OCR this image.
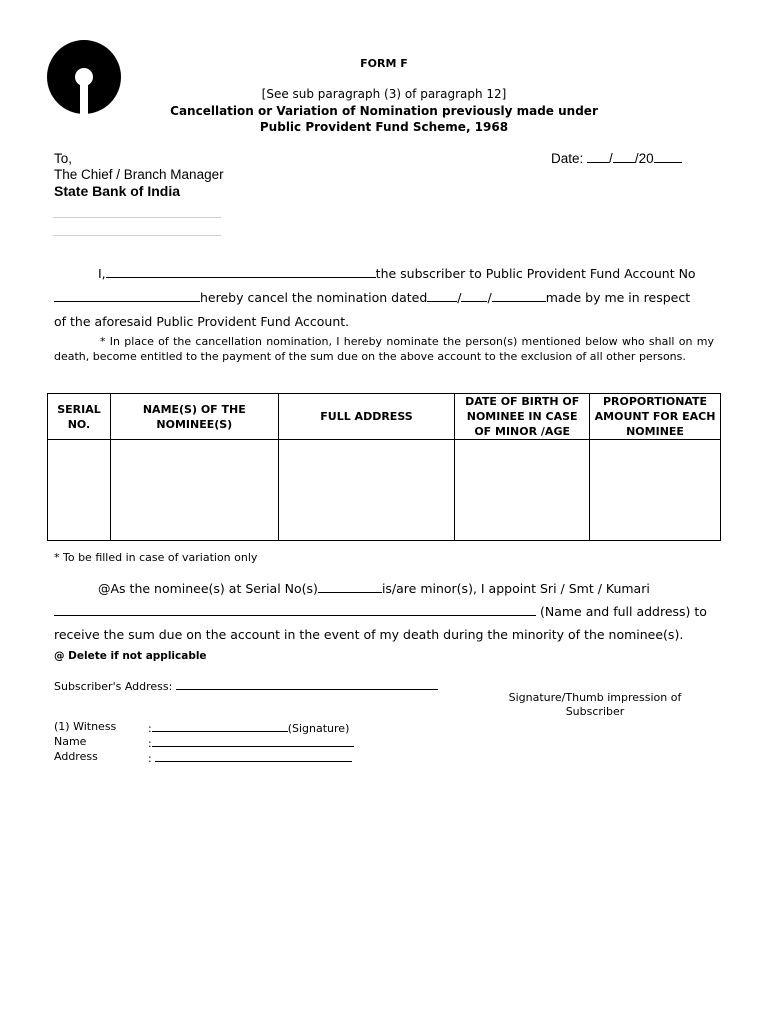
FORM F
[See sub paragraph (3) of paragraph 12]
Cancellation or Variation of Nomination previously made under
Public Provident Fund Scheme, 1968
To,
The Chief / Branch Manager
State Bank of India
Date: / /20
I,	the subscriber to Public Provident Fund Account No
hereby cancel the nomination dated / /	made by me in respect
of the aforesaid Public Provident Fund Account.
* In place of the cancellation nomination, I hereby nominate the person(s) mentioned below who shall on my death, become entitled to the payment of the sum due on the above account to the exclusion of all other persons.
SERIAL NO.	NAME(S) OF THE NOMINEE(S)	FULL ADDRESS	DATE OF BIRTH OF NOMINEE IN CASE OF MINOR /AGE	PROPORTIONATE AMOUNT FOR EACH NOMINEE

* To be filled in case of variation only
@As the nominee(s) at Serial No(s)	is/are minor(s), I appoint Sri / Smt / Kumari
(Name and full address) to
receive the sum due on the account in the event of my death during the minority of the nominee(s).
@ Delete if not applicable
Subscriber's Address:
Signature/Thumb impression of
Subscriber
(1) Witness	:	(Signature)
Name	:
Address	:
